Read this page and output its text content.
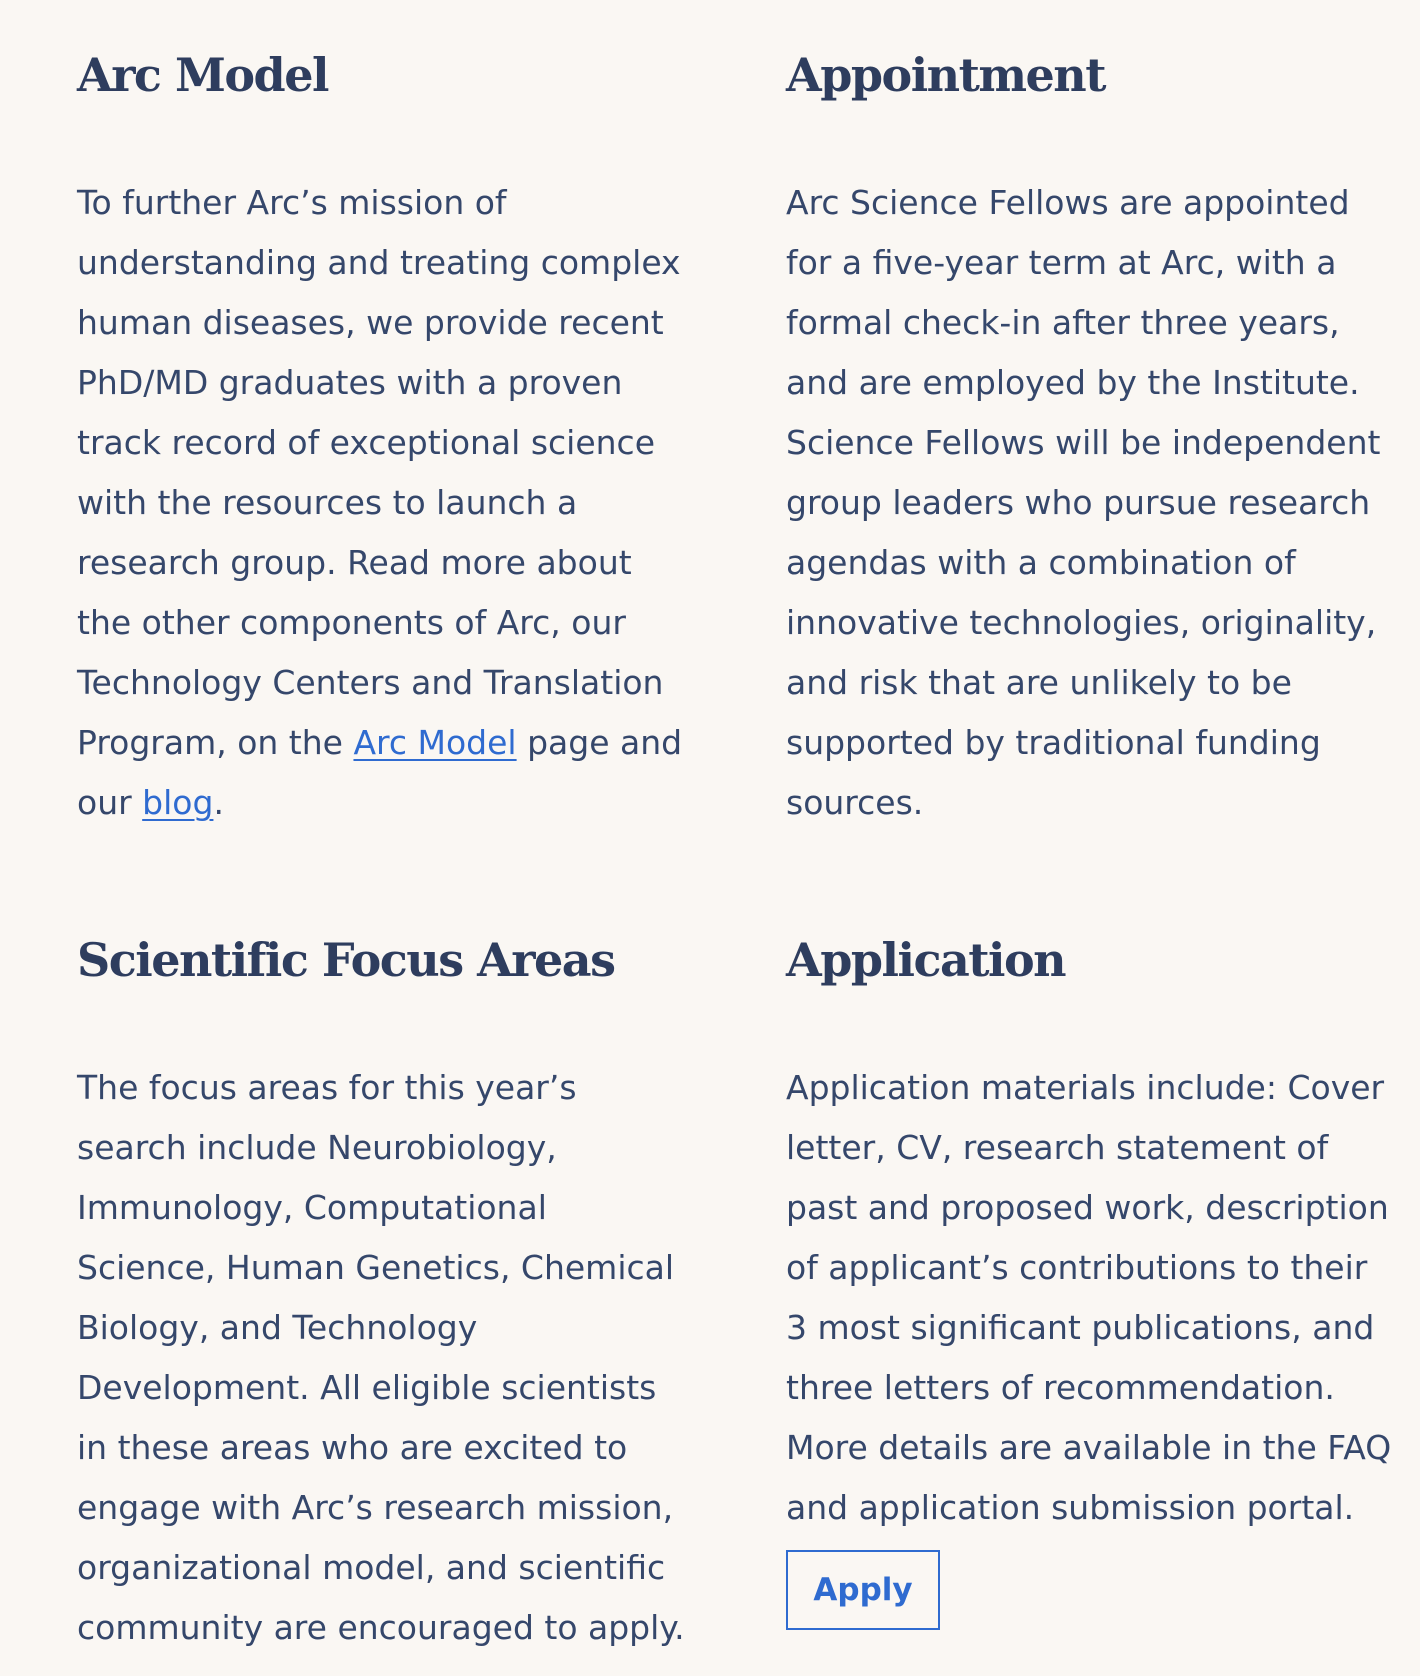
Arc Model

To further Arc’s mission of
understanding and treating complex
human diseases, we provide recent
PhD/MD graduates with a proven
track record of exceptional science
with the resources to launch a
research group. Read more about
the other components of Arc, our
Technology Centers and Translation
Program, on the Arc Model page and
our blog.

Appointment

Arc Science Fellows are appointed
for a five-year term at Arc, with a
formal check-in after three years,
and are employed by the Institute.
Science Fellows will be independent
group leaders who pursue research
agendas with a combination of
innovative technologies, originality,
and risk that are unlikely to be
supported by traditional funding
sources.

Scientific Focus Areas

The focus areas for this year’s
search include Neurobiology,
Immunology, Computational
Science, Human Genetics, Chemical
Biology, and Technology
Development. All eligible scientists
in these areas who are excited to
engage with Arc’s research mission,
organizational model, and scientific
community are encouraged to apply.

Application

Application materials include: Cover
letter, CV, research statement of
past and proposed work, description
of applicant’s contributions to their
3 most significant publications, and
three letters of recommendation.
More details are available in the FAQ
and application submission portal.

Apply
